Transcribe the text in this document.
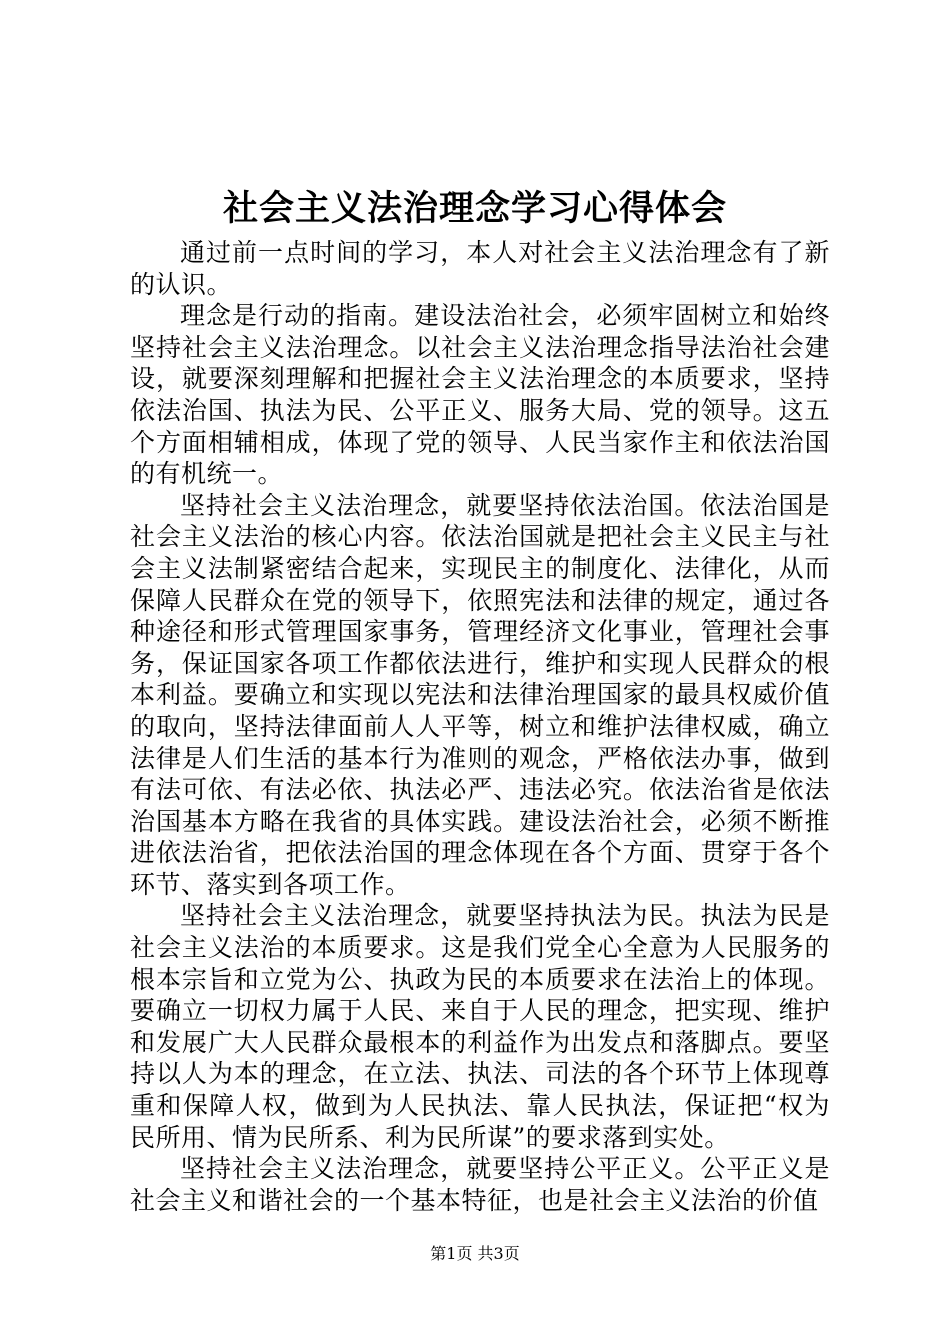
社会主义法治理念学习心得体会

通过前一点时间的学习，本人对社会主义法治理念有了新的认识。

理念是行动的指南。建设法治社会，必须牢固树立和始终坚持社会主义法治理念。以社会主义法治理念指导法治社会建设，就要深刻理解和把握社会主义法治理念的本质要求，坚持依法治国、执法为民、公平正义、服务大局、党的领导。这五个方面相辅相成，体现了党的领导、人民当家作主和依法治国的有机统一。

坚持社会主义法治理念，就要坚持依法治国。依法治国是社会主义法治的核心内容。依法治国就是把社会主义民主与社会主义法制紧密结合起来，实现民主的制度化、法律化，从而保障人民群众在党的领导下，依照宪法和法律的规定，通过各种途径和形式管理国家事务，管理经济文化事业，管理社会事务，保证国家各项工作都依法进行，维护和实现人民群众的根本利益。要确立和实现以宪法和法律治理国家的最具权威价值的取向，坚持法律面前人人平等，树立和维护法律权威，确立法律是人们生活的基本行为准则的观念，严格依法办事，做到有法可依、有法必依、执法必严、违法必究。依法治省是依法治国基本方略在我省的具体实践。建设法治社会，必须不断推进依法治省，把依法治国的理念体现在各个方面、贯穿于各个环节、落实到各项工作。

坚持社会主义法治理念，就要坚持执法为民。执法为民是社会主义法治的本质要求。这是我们党全心全意为人民服务的根本宗旨和立党为公、执政为民的本质要求在法治上的体现。要确立一切权力属于人民、来自于人民的理念，把实现、维护和发展广大人民群众最根本的利益作为出发点和落脚点。要坚持以人为本的理念，在立法、执法、司法的各个环节上体现尊重和保障人权，做到为人民执法、靠人民执法，保证把“权为民所用、情为民所系、利为民所谋”的要求落到实处。

坚持社会主义法治理念，就要坚持公平正义。公平正义是社会主义和谐社会的一个基本特征，也是社会主义法治的价值

第1页 共3页
